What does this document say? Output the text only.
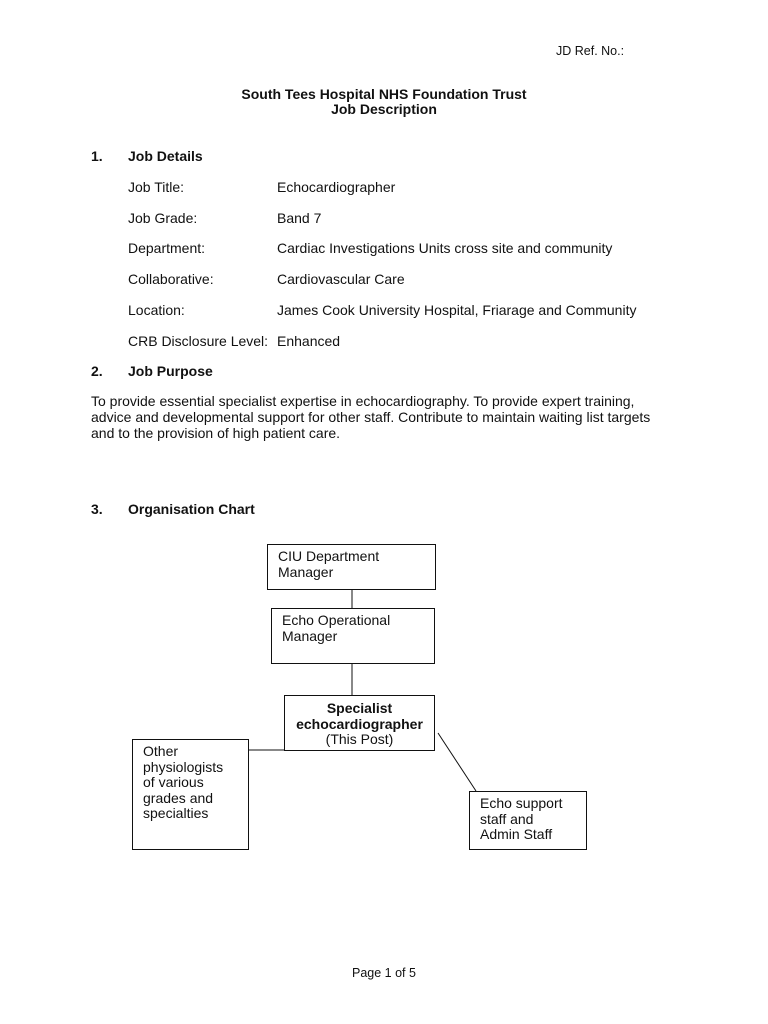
JD Ref. No.:
South Tees Hospital NHS Foundation Trust
Job Description
1. Job Details
Job Title:	Echocardiographer
Job Grade:	Band 7
Department:	Cardiac Investigations Units cross site and community
Collaborative:	Cardiovascular Care
Location:	James Cook University Hospital, Friarage and Community
CRB Disclosure Level: Enhanced
2. Job Purpose
To provide essential specialist expertise in echocardiography. To provide expert training,
advice and developmental support for other staff. Contribute to maintain waiting list targets
and to the provision of high patient care.
3. Organisation Chart
CIU Department
Manager
Echo Operational
Manager
Specialist
echocardiographer
(This Post)
Other
physiologists
of various
grades and
specialties
Echo support
staff and
Admin Staff
Page 1 of 5
